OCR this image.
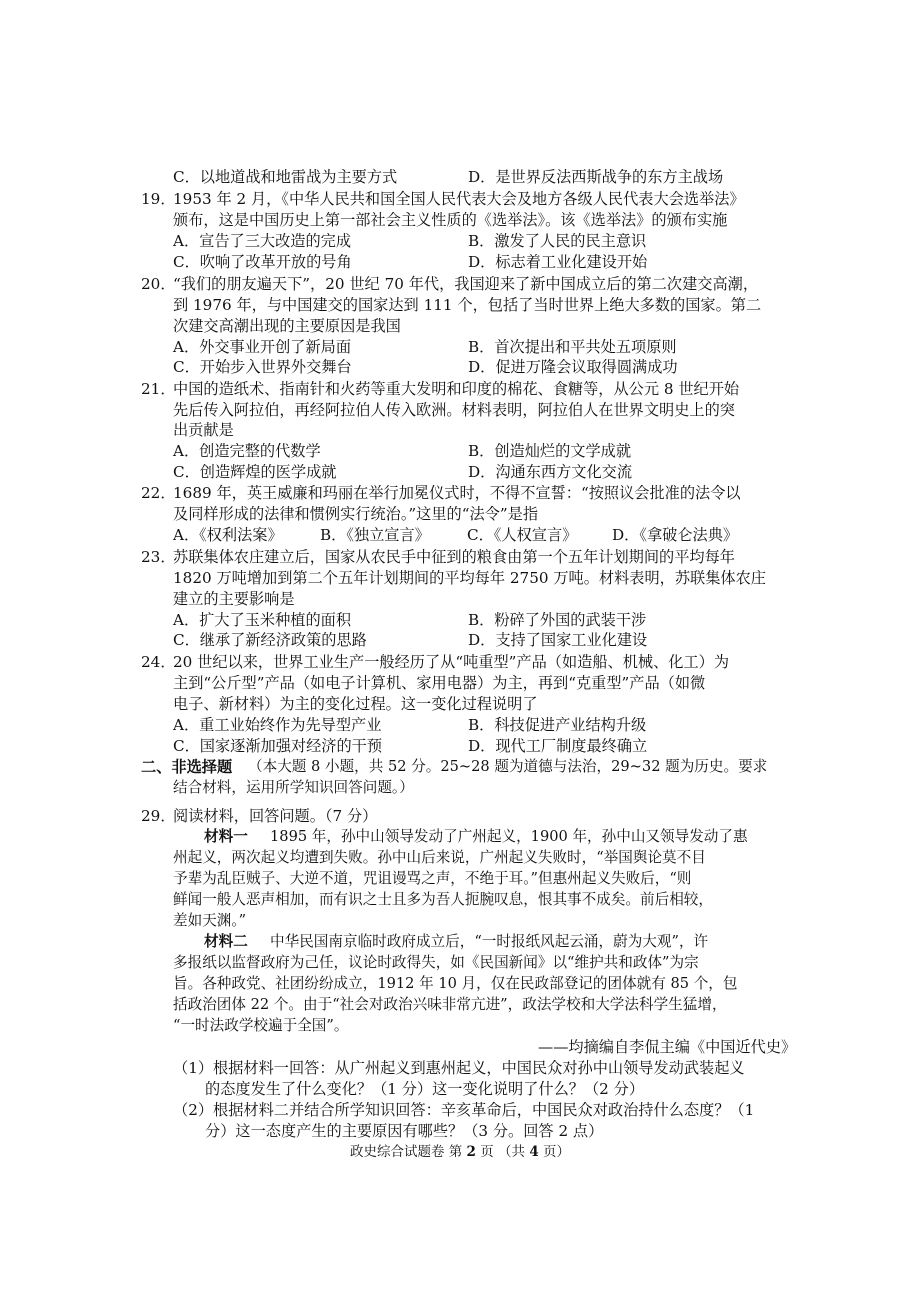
C．以地道战和地雷战为主要方式	D．是世界反法西斯战争的东方主战场
19．
1953 年 2 月，《中华人民共和国全国人民代表大会及地方各级人民代表大会选举法》
颁布，这是中国历史上第一部社会主义性质的《选举法》。该《选举法》的颁布实施
A．宣告了三大改造的完成	B．激发了人民的民主意识
C．吹响了改革开放的号角	D．标志着工业化建设开始
20．
“我们的朋友遍天下”，20 世纪 70 年代，我国迎来了新中国成立后的第二次建交高潮，
到 1976 年，与中国建交的国家达到 111 个，包括了当时世界上绝大多数的国家。第二
次建交高潮出现的主要原因是我国
A．外交事业开创了新局面	B．首次提出和平共处五项原则
C．开始步入世界外交舞台	D．促进万隆会议取得圆满成功
21．
中国的造纸术、指南针和火药等重大发明和印度的棉花、食糖等，从公元 8 世纪开始
先后传入阿拉伯，再经阿拉伯人传入欧洲。材料表明，阿拉伯人在世界文明史上的突
出贡献是
A．创造完整的代数学	B．创造灿烂的文学成就
C．创造辉煌的医学成就	D．沟通东西方文化交流
22．
1689 年，英王威廉和玛丽在举行加冕仪式时，不得不宣誓：“按照议会批准的法令以
及同样形成的法律和惯例实行统治。”这里的“法令”是指
A．《权利法案》 B．《独立宣言》 C．《人权宣言》 D．《拿破仑法典》
23．
苏联集体农庄建立后，国家从农民手中征到的粮食由第一个五年计划期间的平均每年
1820 万吨增加到第二个五年计划期间的平均每年 2750 万吨。材料表明，苏联集体农庄
建立的主要影响是
A．扩大了玉米种植的面积	B．粉碎了外国的武装干涉
C．继承了新经济政策的思路	D．支持了国家工业化建设
24．
20 世纪以来，世界工业生产一般经历了从“吨重型”产品（如造船、机械、化工）为
主到“公斤型”产品（如电子计算机、家用电器）为主，再到“克重型”产品（如微
电子、新材料）为主的变化过程。这一变化过程说明了
A．重工业始终作为先导型产业	B．科技促进产业结构升级
C．国家逐渐加强对经济的干预	D．现代工厂制度最终确立
二、非选择题 （本大题 8 小题，共 52 分。25~28 题为道德与法治，29~32 题为历史。要求
结合材料，运用所学知识回答问题。）
29．
阅读材料，回答问题。（7 分）
材料一 1895 年，孙中山领导发动了广州起义，1900 年，孙中山又领导发动了惠
州起义，两次起义均遭到失败。孙中山后来说，广州起义失败时，“举国舆论莫不目
予辈为乱臣贼子、大逆不道，咒诅谩骂之声，不绝于耳。”但惠州起义失败后，“则
鲜闻一般人恶声相加，而有识之士且多为吾人扼腕叹息，恨其事不成矣。前后相较，
差如天渊。”
材料二 中华民国南京临时政府成立后，“一时报纸风起云涌，蔚为大观”，许
多报纸以监督政府为己任，议论时政得失，如《民国新闻》以“维护共和政体”为宗
旨。各种政党、社团纷纷成立，1912 年 10 月，仅在民政部登记的团体就有 85 个，包
括政治团体 22 个。由于“社会对政治兴味非常亢进”，政法学校和大学法科学生猛增，
“一时法政学校遍于全国”。
——均摘编自李侃主编《中国近代史》
（1）根据材料一回答：从广州起义到惠州起义，中国民众对孙中山领导发动武装起义
的态度发生了什么变化？（1 分）这一变化说明了什么？（2 分）
（2）根据材料二并结合所学知识回答：辛亥革命后，中国民众对政治持什么态度？（1
分）这一态度产生的主要原因有哪些？（3 分。回答 2 点）
政史综合试题卷 第 2 页 （共 4 页）
